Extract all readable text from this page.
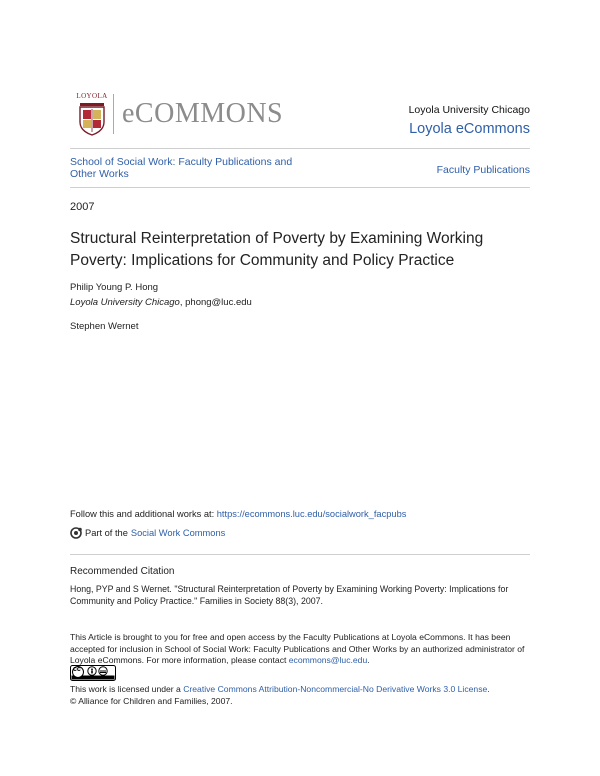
LOYOLA
eCOMMONS	Loyola University Chicago
Loyola eCommons
School of Social Work: Faculty Publications and Other Works	Faculty Publications
2007
Structural Reinterpretation of Poverty by Examining Working Poverty: Implications for Community and Policy Practice
Philip Young P. Hong
Loyola University Chicago, phong@luc.edu
Stephen Wernet
Follow this and additional works at: https://ecommons.luc.edu/socialwork_facpubs
Part of the Social Work Commons
Recommended Citation
Hong, PYP and S Wernet. "Structural Reinterpretation of Poverty by Examining Working Poverty: Implications for Community and Policy Practice." Families in Society 88(3), 2007.
This Article is brought to you for free and open access by the Faculty Publications at Loyola eCommons. It has been accepted for inclusion in School of Social Work: Faculty Publications and Other Works by an authorized administrator of Loyola eCommons. For more information, please contact ecommons@luc.edu.
cc
This work is licensed under a Creative Commons Attribution-Noncommercial-No Derivative Works 3.0 License.
© Alliance for Children and Families, 2007.
